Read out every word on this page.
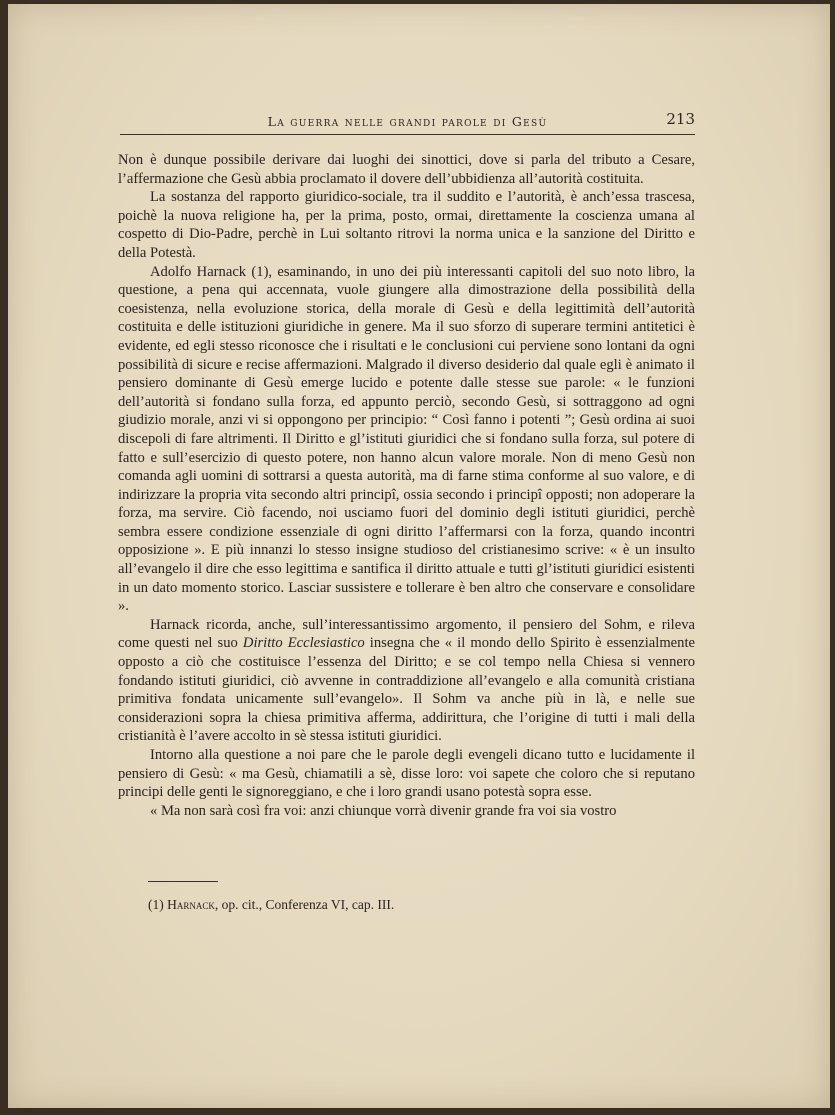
La guerra nelle grandi parole di Gesù	213

Non è dunque possibile derivare dai luoghi dei sinottici, dove si parla del tributo a Cesare, l’affermazione che Gesù abbia proclamato il dovere dell’ubbidienza all’autorità costituita.

La sostanza del rapporto giuridico-sociale, tra il suddito e l’autorità, è anch’essa trascesa, poichè la nuova religione ha, per la prima, posto, ormai, direttamente la coscienza umana al cospetto di Dio-Padre, perchè in Lui soltanto ritrovi la norma unica e la sanzione del Diritto e della Potestà.

Adolfo Harnack (1), esaminando, in uno dei più interessanti capitoli del suo noto libro, la questione, a pena qui accennata, vuole giungere alla dimostrazione della possibilità della coesistenza, nella evoluzione storica, della morale di Gesù e della legittimità dell’autorità costituita e delle istituzioni giuridiche in genere. Ma il suo sforzo di superare termini antitetici è evidente, ed egli stesso riconosce che i risultati e le conclusioni cui perviene sono lontani da ogni possibilità di sicure e recise affermazioni. Malgrado il diverso desiderio dal quale egli è animato il pensiero dominante di Gesù emerge lucido e potente dalle stesse sue parole: « le funzioni dell’autorità si fondano sulla forza, ed appunto perciò, secondo Gesù, si sottraggono ad ogni giudizio morale, anzi vi si oppongono per principio: “ Così fanno i potenti ”; Gesù ordina ai suoi discepoli di fare altrimenti. Il Diritto e gl’istituti giuridici che si fondano sulla forza, sul potere di fatto e sull’esercizio di questo potere, non hanno alcun valore morale. Non di meno Gesù non comanda agli uomini di sottrarsi a questa autorità, ma di farne stima conforme al suo valore, e di indirizzare la propria vita secondo altri principî, ossia secondo i principî opposti; non adoperare la forza, ma servire. Ciò facendo, noi usciamo fuori del dominio degli istituti giuridici, perchè sembra essere condizione essenziale di ogni diritto l’affermarsi con la forza, quando incontri opposizione ». E più innanzi lo stesso insigne studioso del cristianesimo scrive: « è un insulto all’evangelo il dire che esso legittima e santifica il diritto attuale e tutti gl’istituti giuridici esistenti in un dato momento storico. Lasciar sussistere e tollerare è ben altro che conservare e consolidare ».

Harnack ricorda, anche, sull’interessantissimo argomento, il pensiero del Sohm, e rileva come questi nel suo Diritto Ecclesiastico insegna che « il mondo dello Spirito è essenzialmente opposto a ciò che costituisce l’essenza del Diritto; e se col tempo nella Chiesa si vennero fondando istituti giuridici, ciò avvenne in contraddizione all’evangelo e alla comunità cristiana primitiva fondata unicamente sull’evangelo». Il Sohm va anche più in là, e nelle sue considerazioni sopra la chiesa primitiva afferma, addirittura, che l’origine di tutti i mali della cristianità è l’avere accolto in sè stessa istituti giuridici.

Intorno alla questione a noi pare che le parole degli evengeli dicano tutto e lucidamente il pensiero di Gesù: « ma Gesù, chiamatili a sè, disse loro: voi sapete che coloro che si reputano principi delle genti le signoreggiano, e che i loro grandi usano potestà sopra esse.

« Ma non sarà così fra voi: anzi chiunque vorrà divenir grande fra voi sia vostro

(1) Harnack, op. cit., Conferenza VI, cap. III.
